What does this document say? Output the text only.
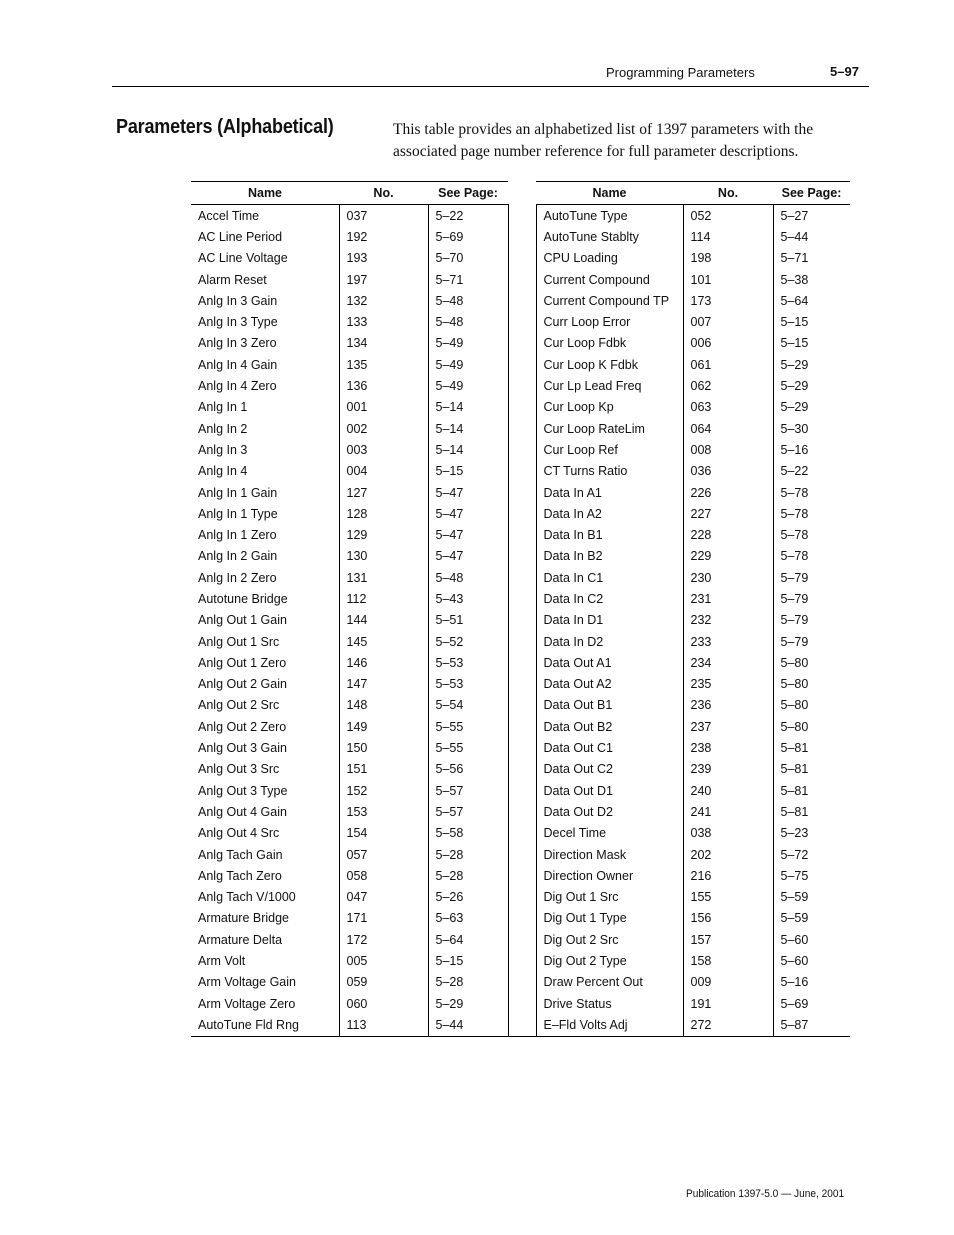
Programming Parameters	5–97
Parameters (Alphabetical)	This table provides an alphabetized list of 1397 parameters with the associated page number reference for full parameter descriptions.
Name	No.	See Page:		Name	No.	See Page:
Accel Time	037	5–22		AutoTune Type	052	5–27
AC Line Period	192	5–69		AutoTune Stablty	114	5–44
AC Line Voltage	193	5–70		CPU Loading	198	5–71
Alarm Reset	197	5–71		Current Compound	101	5–38
Anlg In 3 Gain	132	5–48		Current Compound TP	173	5–64
Anlg In 3 Type	133	5–48		Curr Loop Error	007	5–15
Anlg In 3 Zero	134	5–49		Cur Loop Fdbk	006	5–15
Anlg In 4 Gain	135	5–49		Cur Loop K Fdbk	061	5–29
Anlg In 4 Zero	136	5–49		Cur Lp Lead Freq	062	5–29
Anlg In 1	001	5–14		Cur Loop Kp	063	5–29
Anlg In 2	002	5–14		Cur Loop RateLim	064	5–30
Anlg In 3	003	5–14		Cur Loop Ref	008	5–16
Anlg In 4	004	5–15		CT Turns Ratio	036	5–22
Anlg In 1 Gain	127	5–47		Data In A1	226	5–78
Anlg In 1 Type	128	5–47		Data In A2	227	5–78
Anlg In 1 Zero	129	5–47		Data In B1	228	5–78
Anlg In 2 Gain	130	5–47		Data In B2	229	5–78
Anlg In 2 Zero	131	5–48		Data In C1	230	5–79
Autotune Bridge	112	5–43		Data In C2	231	5–79
Anlg Out 1 Gain	144	5–51		Data In D1	232	5–79
Anlg Out 1 Src	145	5–52		Data In D2	233	5–79
Anlg Out 1 Zero	146	5–53		Data Out A1	234	5–80
Anlg Out 2 Gain	147	5–53		Data Out A2	235	5–80
Anlg Out 2 Src	148	5–54		Data Out B1	236	5–80
Anlg Out 2 Zero	149	5–55		Data Out B2	237	5–80
Anlg Out 3 Gain	150	5–55		Data Out C1	238	5–81
Anlg Out 3 Src	151	5–56		Data Out C2	239	5–81
Anlg Out 3 Type	152	5–57		Data Out D1	240	5–81
Anlg Out 4 Gain	153	5–57		Data Out D2	241	5–81
Anlg Out 4 Src	154	5–58		Decel Time	038	5–23
Anlg Tach Gain	057	5–28		Direction Mask	202	5–72
Anlg Tach Zero	058	5–28		Direction Owner	216	5–75
Anlg Tach V/1000	047	5–26		Dig Out 1 Src	155	5–59
Armature Bridge	171	5–63		Dig Out 1 Type	156	5–59
Armature Delta	172	5–64		Dig Out 2 Src	157	5–60
Arm Volt	005	5–15		Dig Out 2 Type	158	5–60
Arm Voltage Gain	059	5–28		Draw Percent Out	009	5–16
Arm Voltage Zero	060	5–29		Drive Status	191	5–69
AutoTune Fld Rng	113	5–44		E–Fld Volts Adj	272	5–87
Publication 1397-5.0 — June, 2001
